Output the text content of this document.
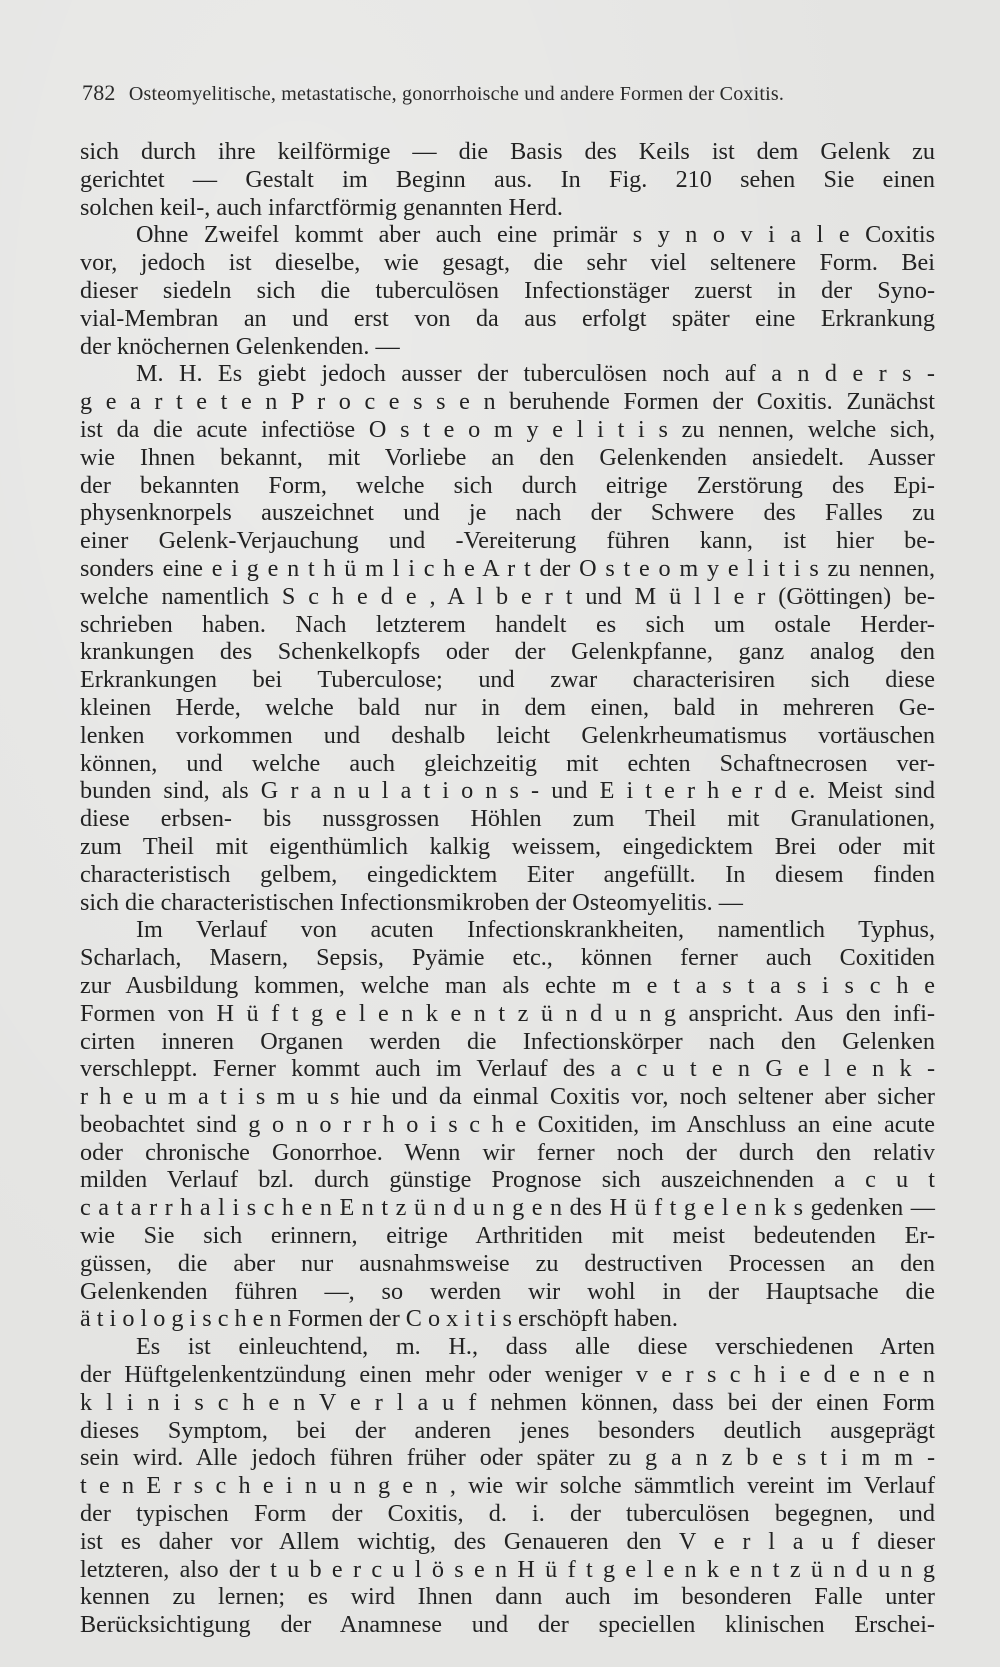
782 Osteomyelitische, metastatische, gonorrhoische und andere Formen der Coxitis.
sich durch ihre keilförmige — die Basis des Keils ist dem Gelenk zu
gerichtet — Gestalt im Beginn aus. In Fig. 210 sehen Sie einen
solchen keil-, auch infarctförmig genannten Herd.
Ohne Zweifel kommt aber auch eine primär s y n o v i a l e Coxitis
vor, jedoch ist dieselbe, wie gesagt, die sehr viel seltenere Form. Bei
dieser siedeln sich die tuberculösen Infectionstäger zuerst in der Syno-
vial-Membran an und erst von da aus erfolgt später eine Erkrankung
der knöchernen Gelenkenden. —
M. H. Es giebt jedoch ausser der tuberculösen noch auf a n d e r s -
g e a r t e t e n P r o c e s s e n beruhende Formen der Coxitis. Zunächst
ist da die acute infectiöse O s t e o m y e l i t i s zu nennen, welche sich,
wie Ihnen bekannt, mit Vorliebe an den Gelenkenden ansiedelt. Ausser
der bekannten Form, welche sich durch eitrige Zerstörung des Epi-
physenknorpels auszeichnet und je nach der Schwere des Falles zu
einer Gelenk-Verjauchung und -Vereiterung führen kann, ist hier be-
sonders eine e i g e n t h ü m l i c h e A r t der O s t e o m y e l i t i s zu nennen,
welche namentlich S c h e d e , A l b e r t und M ü l l e r (Göttingen) be-
schrieben haben. Nach letzterem handelt es sich um ostale Herder-
krankungen des Schenkelkopfs oder der Gelenkpfanne, ganz analog den
Erkrankungen bei Tuberculose; und zwar characterisiren sich diese
kleinen Herde, welche bald nur in dem einen, bald in mehreren Ge-
lenken vorkommen und deshalb leicht Gelenkrheumatismus vortäuschen
können, und welche auch gleichzeitig mit echten Schaftnecrosen ver-
bunden sind, als G r a n u l a t i o n s - und E i t e r h e r d e. Meist sind
diese erbsen- bis nussgrossen Höhlen zum Theil mit Granulationen,
zum Theil mit eigenthümlich kalkig weissem, eingedicktem Brei oder mit
characteristisch gelbem, eingedicktem Eiter angefüllt. In diesem finden
sich die characteristischen Infectionsmikroben der Osteomyelitis. —
Im Verlauf von acuten Infectionskrankheiten, namentlich Typhus,
Scharlach, Masern, Sepsis, Pyämie etc., können ferner auch Coxitiden
zur Ausbildung kommen, welche man als echte m e t a s t a s i s c h e
Formen von H ü f t g e l e n k e n t z ü n d u n g anspricht. Aus den infi-
cirten inneren Organen werden die Infectionskörper nach den Gelenken
verschleppt. Ferner kommt auch im Verlauf des a c u t e n G e l e n k -
r h e u m a t i s m u s hie und da einmal Coxitis vor, noch seltener aber sicher
beobachtet sind g o n o r r h o i s c h e Coxitiden, im Anschluss an eine acute
oder chronische Gonorrhoe. Wenn wir ferner noch der durch den relativ
milden Verlauf bzl. durch günstige Prognose sich auszeichnenden a c u t
c a t a r r h a l i s c h e n E n t z ü n d u n g e n des H ü f t g e l e n k s gedenken —
wie Sie sich erinnern, eitrige Arthritiden mit meist bedeutenden Er-
güssen, die aber nur ausnahmsweise zu destructiven Processen an den
Gelenkenden führen —, so werden wir wohl in der Hauptsache die
ä t i o l o g i s c h e n Formen der C o x i t i s erschöpft haben.
Es ist einleuchtend, m. H., dass alle diese verschiedenen Arten
der Hüftgelenkentzündung einen mehr oder weniger v e r s c h i e d e n e n
k l i n i s c h e n V e r l a u f nehmen können, dass bei der einen Form
dieses Symptom, bei der anderen jenes besonders deutlich ausgeprägt
sein wird. Alle jedoch führen früher oder später zu g a n z b e s t i m m -
t e n E r s c h e i n u n g e n , wie wir solche sämmtlich vereint im Verlauf
der typischen Form der Coxitis, d. i. der tuberculösen begegnen, und
ist es daher vor Allem wichtig, des Genaueren den V e r l a u f dieser
letzteren, also der t u b e r c u l ö s e n H ü f t g e l e n k e n t z ü n d u n g
kennen zu lernen; es wird Ihnen dann auch im besonderen Falle unter
Berücksichtigung der Anamnese und der speciellen klinischen Erschei-
